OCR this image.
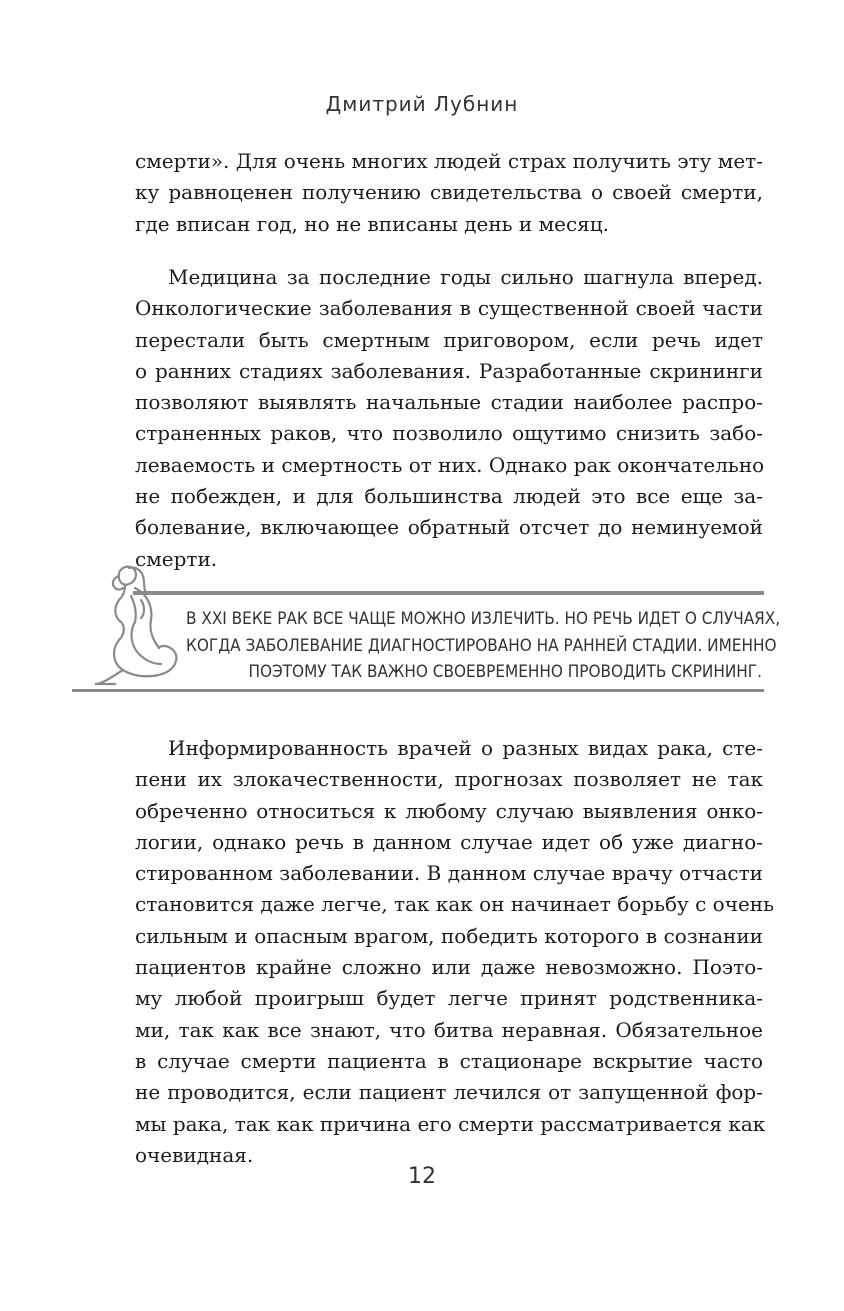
Дмитрий Лубнин
смерти». Для очень многих людей страх получить эту мет-
ку равноценен получению свидетельства о своей смерти,
где вписан год, но не вписаны день и месяц.
Медицина за последние годы сильно шагнула вперед.
Онкологические заболевания в существенной своей части
перестали быть смертным приговором, если речь идет
о ранних стадиях заболевания. Разработанные скрининги
позволяют выявлять начальные стадии наиболее распро-
страненных раков, что позволило ощутимо снизить забо-
леваемость и смертность от них. Однако рак окончательно
не побежден, и для большинства людей это все еще за-
болевание, включающее обратный отсчет до неминуемой
смерти.
В XXI ВЕКЕ РАК ВСЕ ЧАЩЕ МОЖНО ИЗЛЕЧИТЬ. НО РЕЧЬ ИДЕТ О СЛУЧАЯХ,
КОГДА ЗАБОЛЕВАНИЕ ДИАГНОСТИРОВАНО НА РАННЕЙ СТАДИИ. ИМЕННО
ПОЭТОМУ ТАК ВАЖНО СВОЕВРЕМЕННО ПРОВОДИТЬ СКРИНИНГ.
Информированность врачей о разных видах рака, сте-
пени их злокачественности, прогнозах позволяет не так
обреченно относиться к любому случаю выявления онко-
логии, однако речь в данном случае идет об уже диагно-
стированном заболевании. В данном случае врачу отчасти
становится даже легче, так как он начинает борьбу с очень
сильным и опасным врагом, победить которого в сознании
пациентов крайне сложно или даже невозможно. Поэто-
му любой проигрыш будет легче принят родственника-
ми, так как все знают, что битва неравная. Обязательное
в случае смерти пациента в стационаре вскрытие часто
не проводится, если пациент лечился от запущенной фор-
мы рака, так как причина его смерти рассматривается как
очевидная.
12
